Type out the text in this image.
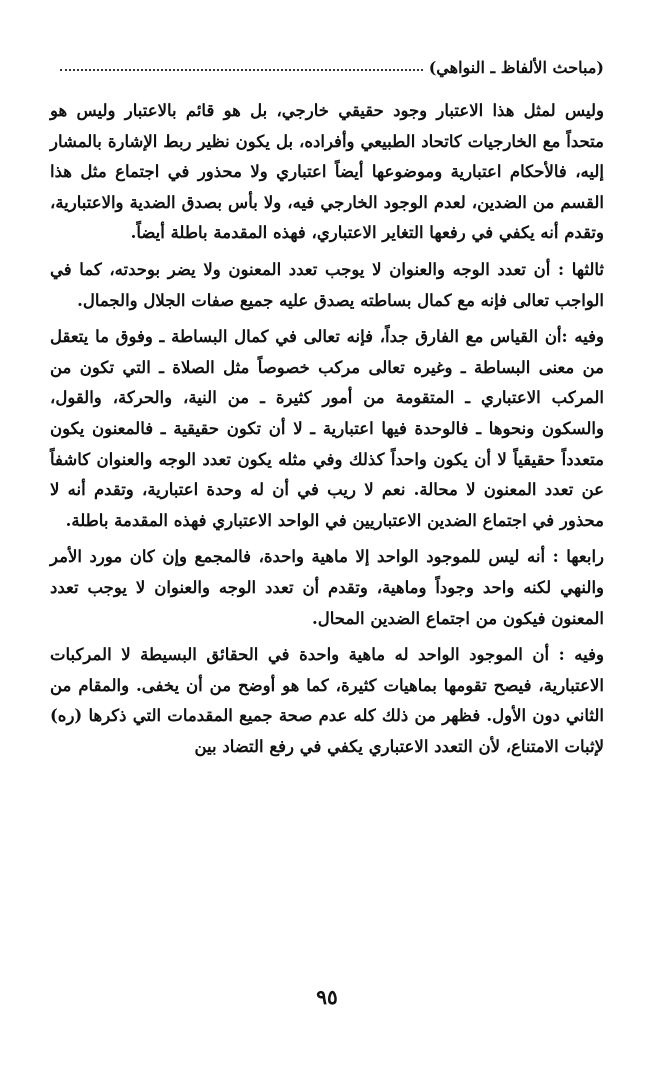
(مباحث الألفاظ ـ النواهي)

وليس لمثل هذا الاعتبار وجود حقيقي خارجي، بل هو قائم بالاعتبار وليس هو متحداً مع الخارجيات كاتحاد الطبيعي وأفراده، بل يكون نظير ربط الإشارة بالمشار إليه، فالأحكام اعتبارية وموضوعها أيضاً اعتباري ولا محذور في اجتماع مثل هذا القسم من الضدين، لعدم الوجود الخارجي فيه، ولا بأس بصدق الضدية والاعتبارية، وتقدم أنه يكفي في رفعها التغاير الاعتباري، فهذه المقدمة باطلة أيضاً.

ثالثها : أن تعدد الوجه والعنوان لا يوجب تعدد المعنون ولا يضر بوحدته، كما في الواجب تعالى فإنه مع كمال بساطته يصدق عليه جميع صفات الجلال والجمال.

وفيه :أن القياس مع الفارق جداً، فإنه تعالى في كمال البساطة ـ وفوق ما يتعقل من معنى البساطة ـ وغيره تعالى مركب خصوصاً مثل الصلاة ـ التي تكون من المركب الاعتباري ـ المتقومة من أمور كثيرة ـ من النية، والحركة، والقول، والسكون ونحوها ـ فالوحدة فيها اعتبارية ـ لا أن تكون حقيقية ـ فالمعنون يكون متعدداً حقيقياً لا أن يكون واحداً كذلك وفي مثله يكون تعدد الوجه والعنوان كاشفاً عن تعدد المعنون لا محالة. نعم لا ريب في أن له وحدة اعتبارية، وتقدم أنه لا محذور في اجتماع الضدين الاعتباريين في الواحد الاعتباري فهذه المقدمة باطلة.

رابعها : أنه ليس للموجود الواحد إلا ماهية واحدة، فالمجمع وإن كان مورد الأمر والنهي لكنه واحد وجوداً وماهية، وتقدم أن تعدد الوجه والعنوان لا يوجب تعدد المعنون فيكون من اجتماع الضدين المحال.

وفيه : أن الموجود الواحد له ماهية واحدة في الحقائق البسيطة لا المركبات الاعتبارية، فيصح تقومها بماهيات كثيرة، كما هو أوضح من أن يخفى. والمقام من الثاني دون الأول. فظهر من ذلك كله عدم صحة جميع المقدمات التي ذكرها (ره) لإثبات الامتناع، لأن التعدد الاعتباري يكفي في رفع التضاد بين

٩٥
